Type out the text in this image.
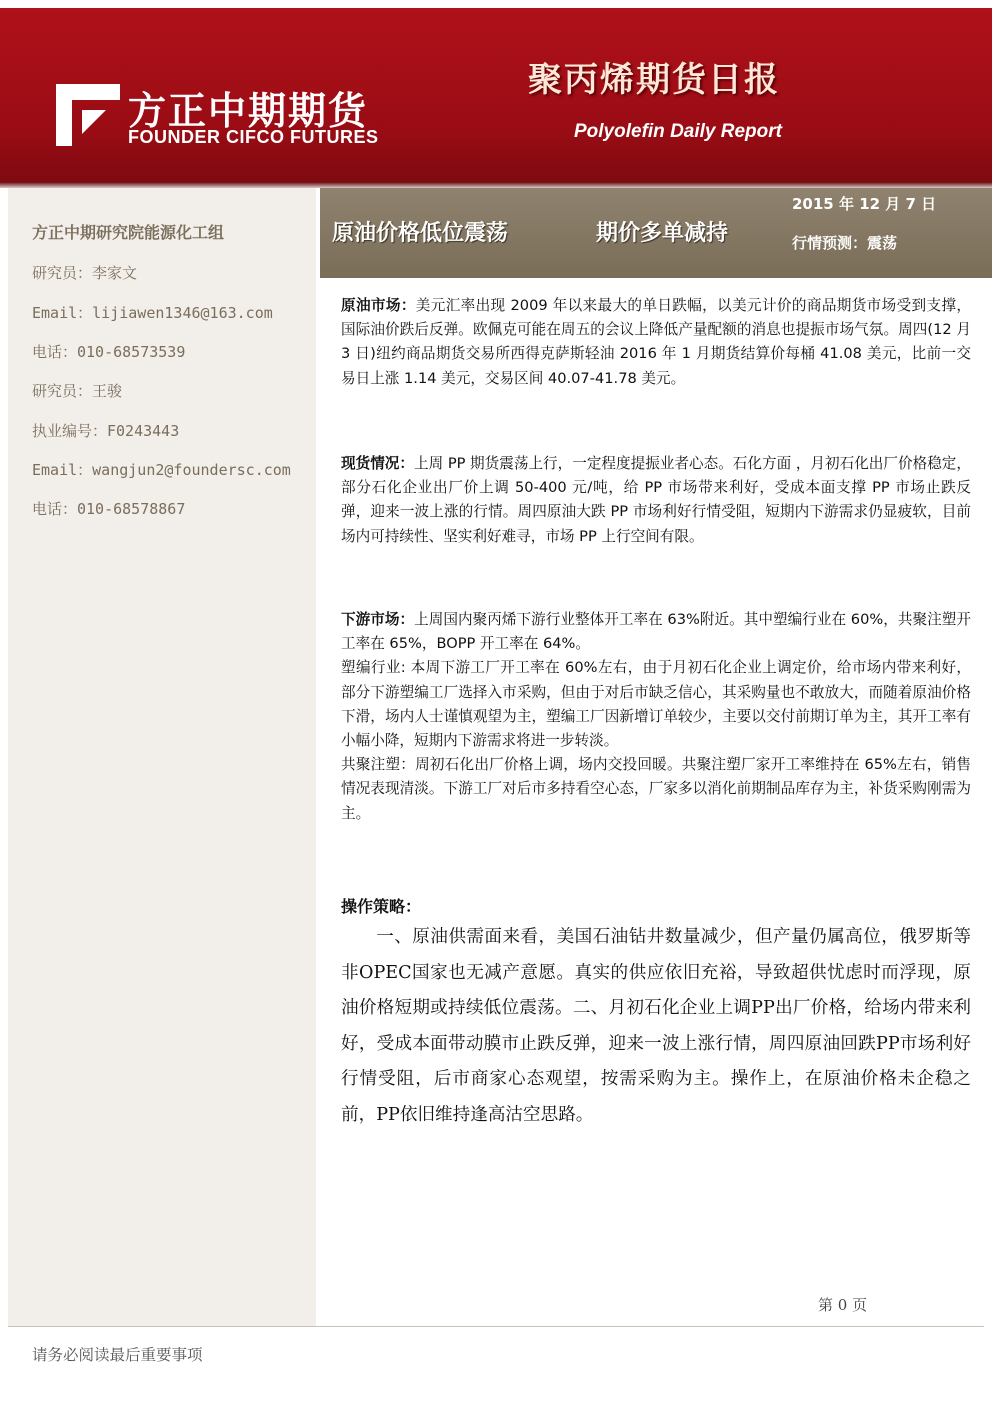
方正中期期货
FOUNDER CIFCO FUTURES
聚丙烯期货日报
Polyolefin Daily Report
方正中期研究院能源化工组
研究员：李家文
Email：lijiawen1346@163.com
电话：010-68573539
研究员：王骏
执业编号：F0243443
Email：wangjun2@foundersc.com
电话：010-68578867
原油价格低位震荡	期价多单减持
2015 年 12 月 7 日
行情预测：震荡
原油市场：美元汇率出现 2009 年以来最大的单日跌幅，以美元计价的商品期货市场受到支撑，国际油价跌后反弹。欧佩克可能在周五的会议上降低产量配额的消息也提振市场气氛。周四(12 月 3 日)纽约商品期货交易所西得克萨斯轻油 2016 年 1 月期货结算价每桶 41.08 美元，比前一交易日上涨 1.14 美元，交易区间 40.07-41.78 美元。
现货情况：上周 PP 期货震荡上行，一定程度提振业者心态。石化方面 ，月初石化出厂价格稳定，部分石化企业出厂价上调 50-400 元/吨，给 PP 市场带来利好，受成本面支撑 PP 市场止跌反弹，迎来一波上涨的行情。周四原油大跌 PP 市场利好行情受阻，短期内下游需求仍显疲软，目前场内可持续性、坚实利好难寻，市场 PP 上行空间有限。
下游市场：上周国内聚丙烯下游行业整体开工率在 63%附近。其中塑编行业在 60%，共聚注塑开工率在 65%，BOPP 开工率在 64%。
塑编行业: 本周下游工厂开工率在 60%左右，由于月初石化企业上调定价，给市场内带来利好，部分下游塑编工厂选择入市采购，但由于对后市缺乏信心，其采购量也不敢放大，而随着原油价格下滑，场内人士谨慎观望为主，塑编工厂因新增订单较少，主要以交付前期订单为主，其开工率有小幅小降，短期内下游需求将进一步转淡。
共聚注塑：周初石化出厂价格上调，场内交投回暖。共聚注塑厂家开工率维持在 65%左右，销售情况表现清淡。下游工厂对后市多持看空心态，厂家多以消化前期制品库存为主，补货采购刚需为主。
操作策略：
一、原油供需面来看，美国石油钻井数量减少，但产量仍属高位，俄罗斯等非OPEC国家也无减产意愿。真实的供应依旧充裕，导致超供忧虑时而浮现，原油价格短期或持续低位震荡。二、月初石化企业上调PP出厂价格，给场内带来利好，受成本面带动膜市止跌反弹，迎来一波上涨行情，周四原油回跌PP市场利好行情受阻，后市商家心态观望，按需采购为主。操作上，在原油价格未企稳之前，PP依旧维持逢高沽空思路。
第 0 页
请务必阅读最后重要事项
